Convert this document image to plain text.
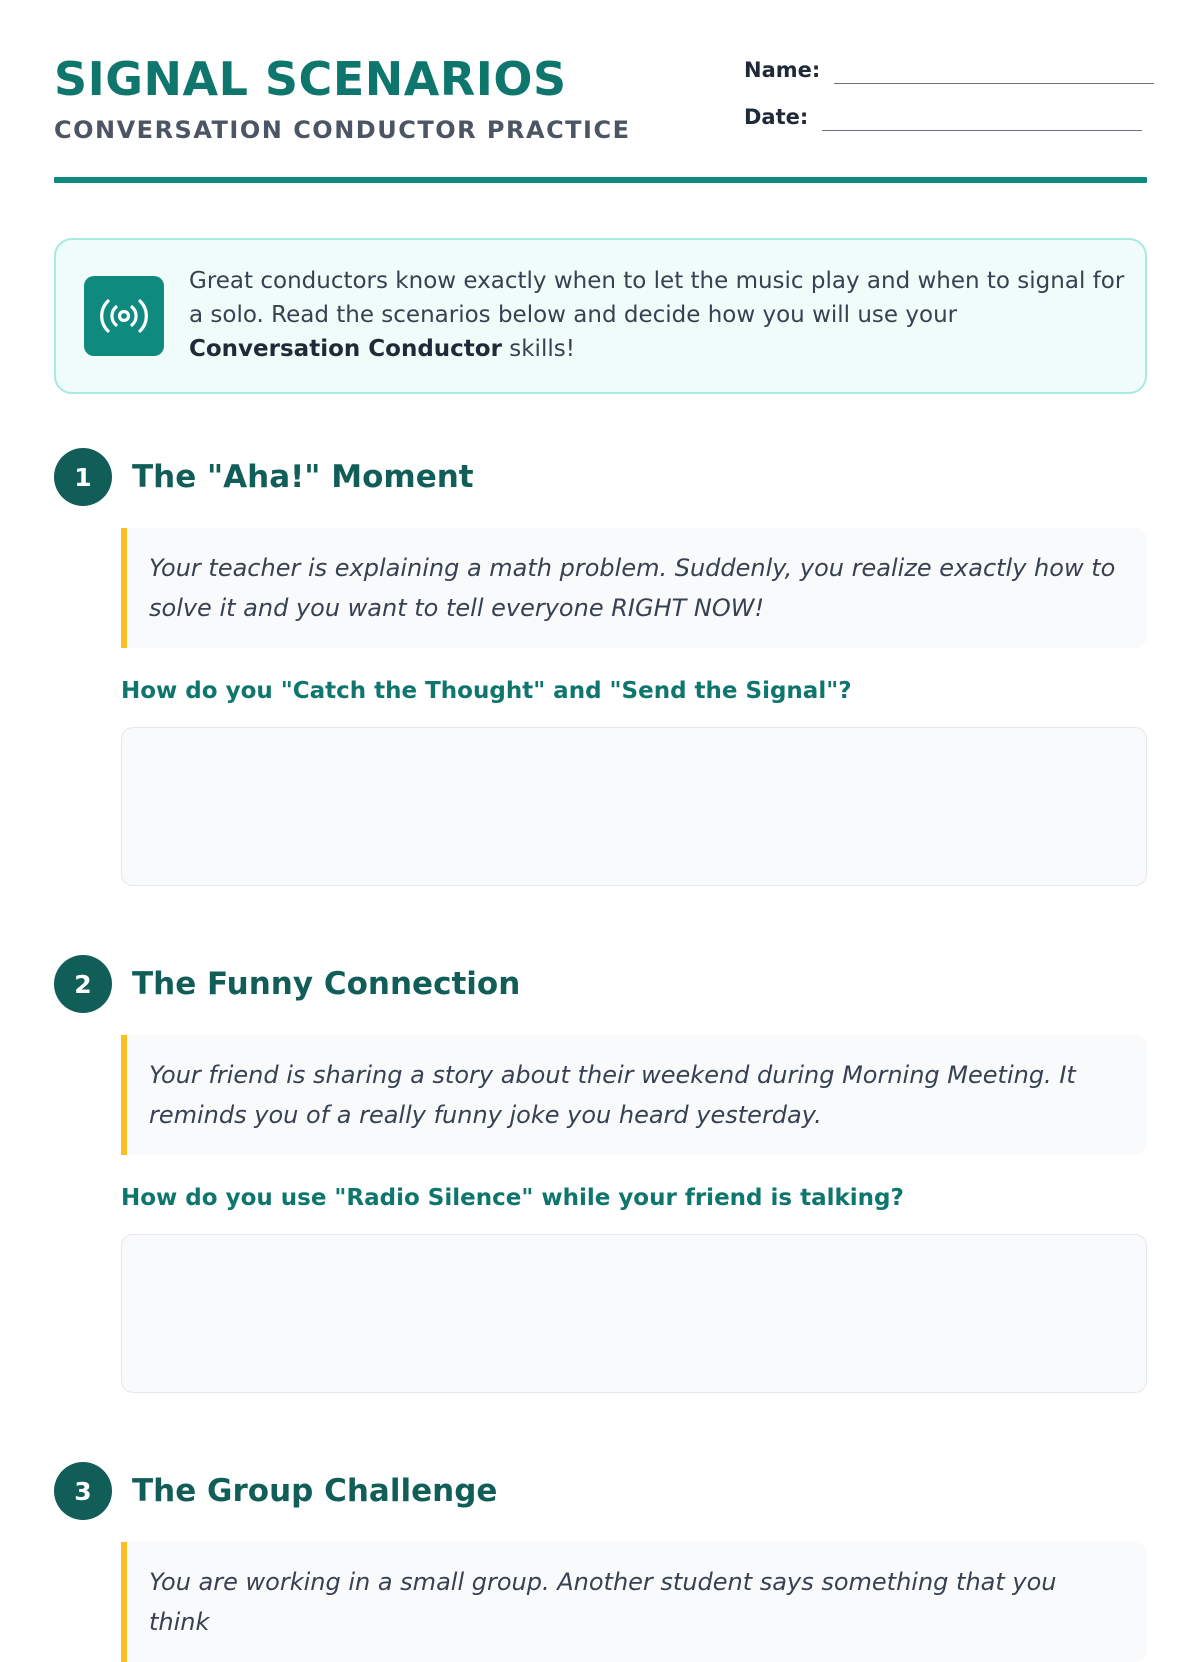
SIGNAL SCENARIOS
CONVERSATION CONDUCTOR PRACTICE
Name:
Date:
Great conductors know exactly when to let the music play and when to signal for a solo. Read the scenarios below and decide how you will use your Conversation Conductor skills!
1	The "Aha!" Moment
Your teacher is explaining a math problem. Suddenly, you realize exactly how to solve it and you want to tell everyone RIGHT NOW!
How do you "Catch the Thought" and "Send the Signal"?
2	The Funny Connection
Your friend is sharing a story about their weekend during Morning Meeting. It reminds you of a really funny joke you heard yesterday.
How do you use "Radio Silence" while your friend is talking?
3	The Group Challenge
You are working in a small group. Another student says something that you think
